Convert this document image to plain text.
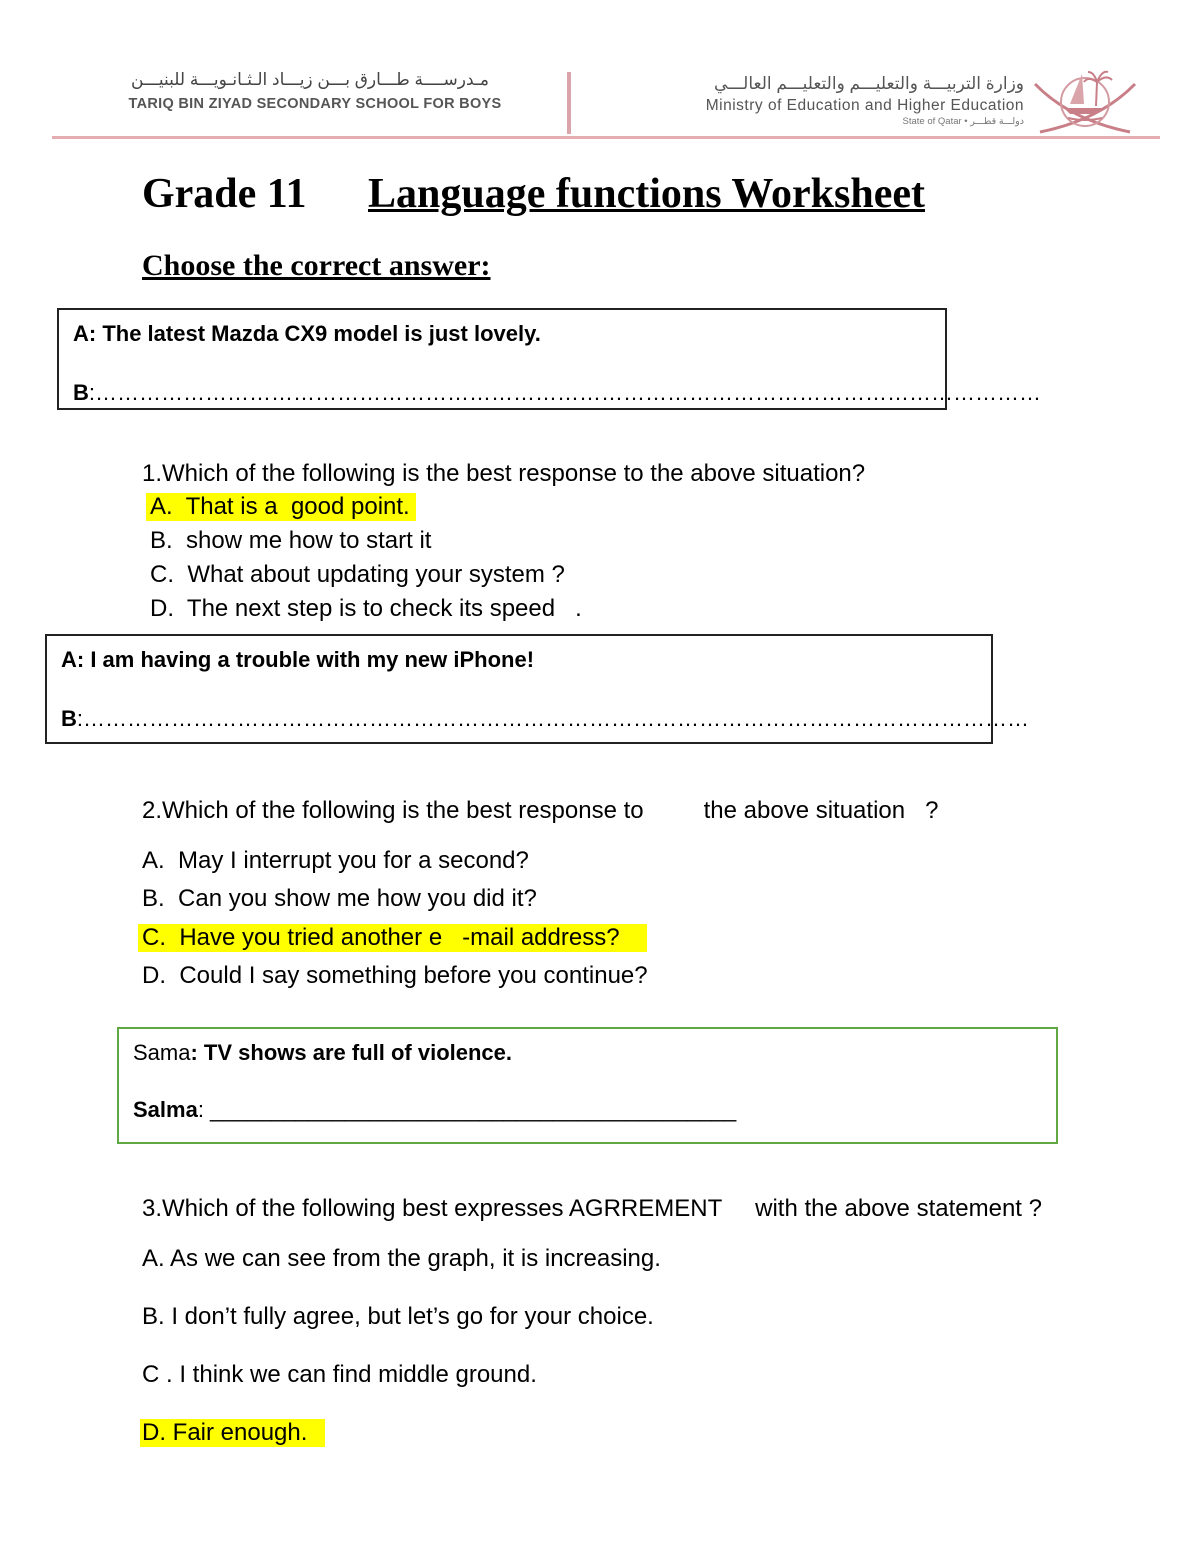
مـدرســــة طـــارق بـــن زيـــاد الـثـانـويـــة للبنيـــن
TARIQ BIN ZIYAD SECONDARY SCHOOL FOR BOYS
وزارة التربيـــة والتعليـــم والتعليـــم العالـــي
Ministry of Education and Higher Education
State of Qatar • دولـــة قطـــر
Grade 11 Language functions Worksheet
Choose the correct answer:
A: The latest Mazda CX9 model is just lovely.
B:…………………………………………………………………………………………………………………
1.Which of the following is the best response to the above situation?
A.  That is a  good point.
B.  show me how to start it
C.  What about updating your system ?
D.  The next step is to check its speed   .
A: I am having a trouble with my new iPhone!
B:…………………………………………………………………………………………………………………
2.Which of the following is the best response to         the above situation   ?
A.  May I interrupt you for a second?
B.  Can you show me how you did it?
C.  Have you tried another e   -mail address?
D.  Could I say something before you continue?
Sama: TV shows are full of violence.
Salma: ___________________________________________
3.Which of the following best expresses AGRREMENT     with the above statement ?
A. As we can see from the graph, it is increasing.
B. I don’t fully agree, but let’s go for your choice.
C . I think we can find middle ground.
D. Fair enough.
